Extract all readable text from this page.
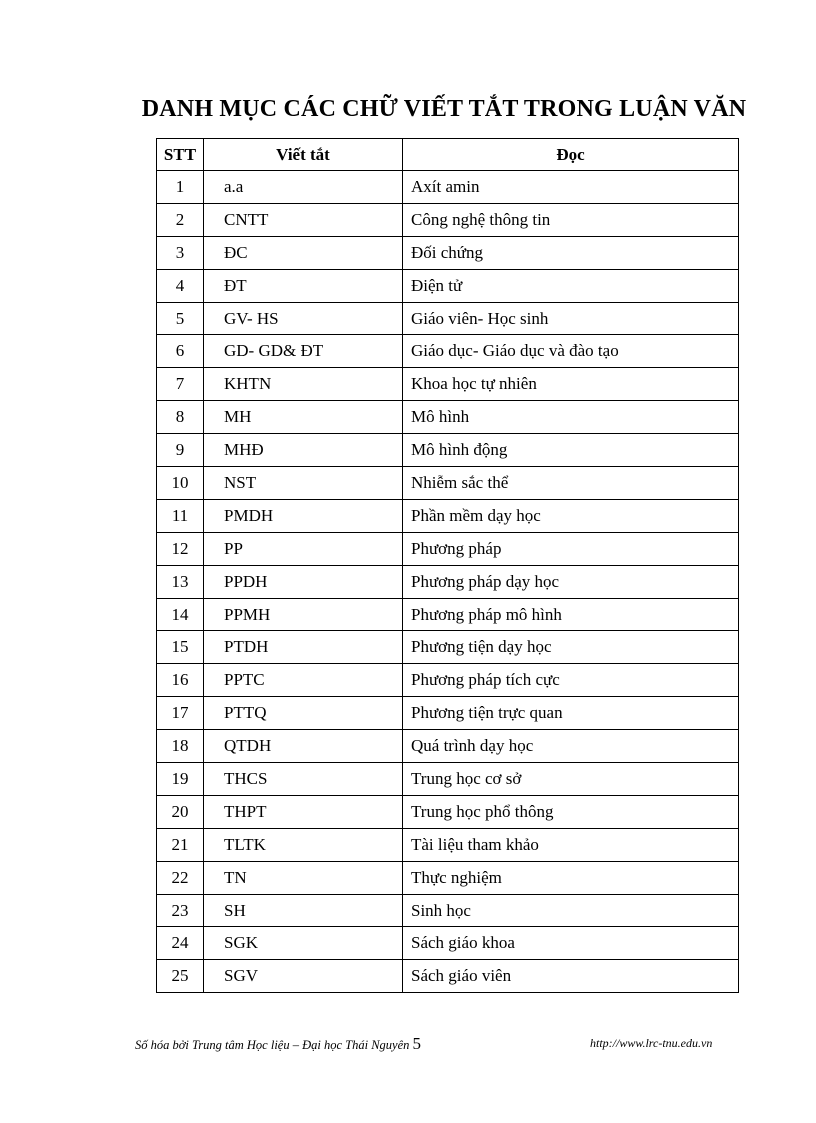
DANH MỤC CÁC CHỮ VIẾT TẮT TRONG LUẬN VĂN
STT	Viết tắt	Đọc
1	a.a	Axít amin
2	CNTT	Công nghệ thông tin
3	ĐC	Đối chứng
4	ĐT	Điện tử
5	GV- HS	Giáo viên- Học sinh
6	GD- GD& ĐT	Giáo dục- Giáo dục và đào tạo
7	KHTN	Khoa học tự nhiên
8	MH	Mô hình
9	MHĐ	Mô hình động
10	NST	Nhiễm sắc thể
11	PMDH	Phần mềm dạy học
12	PP	Phương pháp
13	PPDH	Phương pháp dạy học
14	PPMH	Phương pháp mô hình
15	PTDH	Phương tiện dạy học
16	PPTC	Phương pháp tích cực
17	PTTQ	Phương tiện trực quan
18	QTDH	Quá trình dạy học
19	THCS	Trung học cơ sở
20	THPT	Trung học phổ thông
21	TLTK	Tài liệu tham khảo
22	TN	Thực nghiệm
23	SH	Sinh học
24	SGK	Sách giáo khoa
25	SGV	Sách giáo viên
Số hóa bởi Trung tâm Học liệu – Đại học Thái Nguyên 5	http://www.lrc-tnu.edu.vn
